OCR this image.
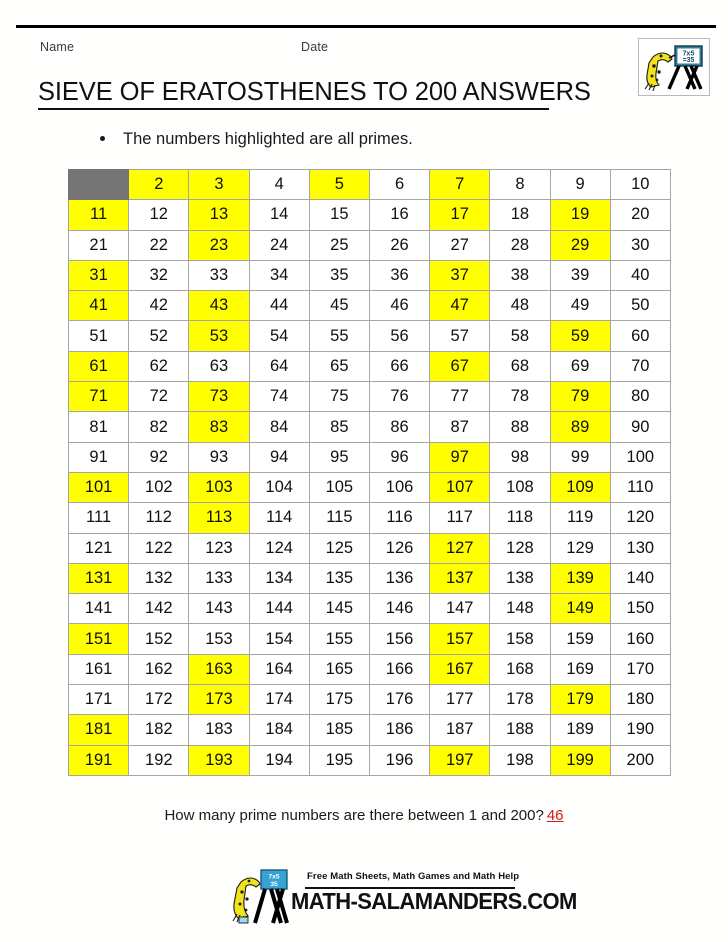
Name	Date
7x5
=35
SIEVE OF ERATOSTHENES TO 200 ANSWERS
The numbers highlighted are all primes.
	2	3	4	5	6	7	8	9	10
11	12	13	14	15	16	17	18	19	20
21	22	23	24	25	26	27	28	29	30
31	32	33	34	35	36	37	38	39	40
41	42	43	44	45	46	47	48	49	50
51	52	53	54	55	56	57	58	59	60
61	62	63	64	65	66	67	68	69	70
71	72	73	74	75	76	77	78	79	80
81	82	83	84	85	86	87	88	89	90
91	92	93	94	95	96	97	98	99	100
101	102	103	104	105	106	107	108	109	110
111	112	113	114	115	116	117	118	119	120
121	122	123	124	125	126	127	128	129	130
131	132	133	134	135	136	137	138	139	140
141	142	143	144	145	146	147	148	149	150
151	152	153	154	155	156	157	158	159	160
161	162	163	164	165	166	167	168	169	170
171	172	173	174	175	176	177	178	179	180
181	182	183	184	185	186	187	188	189	190
191	192	193	194	195	196	197	198	199	200
How many prime numbers are there between 1 and 200? 46
7x5
35
Free Math Sheets, Math Games and Math Help
MATH-SALAMANDERS.COM
